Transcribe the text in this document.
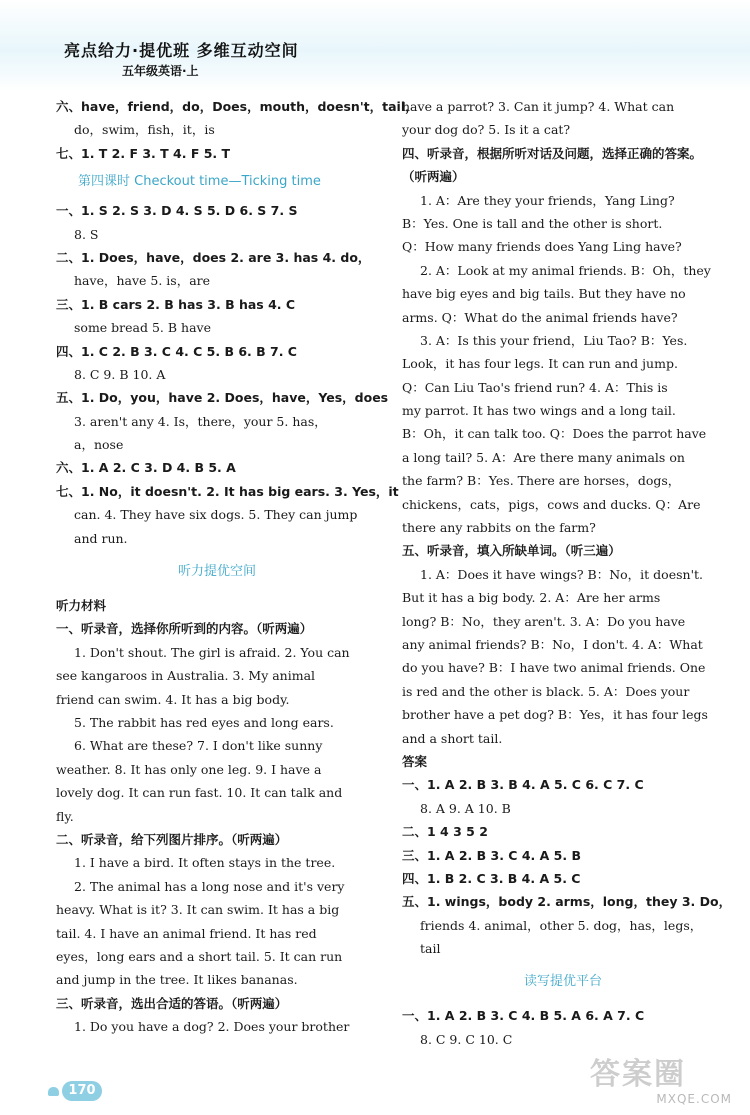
亮点给力·提优班 多维互动空间
五年级英语·上
六、have，friend，do，Does，mouth，doesn't，tail，
do，swim，fish，it，is
七、1. T 2. F 3. T 4. F 5. T
第四课时 Checkout time—Ticking time
一、1. S 2. S 3. D 4. S 5. D 6. S 7. S
8. S
二、1. Does，have，does 2. are 3. has 4. do，
have，have 5. is，are
三、1. B cars 2. B has 3. B has 4. C
some bread 5. B have
四、1. C 2. B 3. C 4. C 5. B 6. B 7. C
8. C 9. B 10. A
五、1. Do，you，have 2. Does，have，Yes，does
3. aren't any 4. Is，there，your 5. has，
a，nose
六、1. A 2. C 3. D 4. B 5. A
七、1. No，it doesn't. 2. It has big ears. 3. Yes，it
can. 4. They have six dogs. 5. They can jump
and run.
听力提优空间
听力材料
一、听录音，选择你所听到的内容。（听两遍）
1. Don't shout. The girl is afraid. 2. You can
see kangaroos in Australia. 3. My animal
friend can swim. 4. It has a big body.
5. The rabbit has red eyes and long ears.
6. What are these? 7. I don't like sunny
weather. 8. It has only one leg. 9. I have a
lovely dog. It can run fast. 10. It can talk and
fly.
二、听录音，给下列图片排序。（听两遍）
1. I have a bird. It often stays in the tree.
2. The animal has a long nose and it's very
heavy. What is it? 3. It can swim. It has a big
tail. 4. I have an animal friend. It has red
eyes，long ears and a short tail. 5. It can run
and jump in the tree. It likes bananas.
三、听录音，选出合适的答语。（听两遍）
1. Do you have a dog? 2. Does your brother
have a parrot? 3. Can it jump? 4. What can
your dog do? 5. Is it a cat?
四、听录音，根据所听对话及问题，选择正确的答案。
（听两遍）
1. A：Are they your friends，Yang Ling?
B：Yes. One is tall and the other is short.
Q：How many friends does Yang Ling have?
2. A：Look at my animal friends. B：Oh，they
have big eyes and big tails. But they have no
arms. Q：What do the animal friends have?
3. A：Is this your friend，Liu Tao? B：Yes.
Look，it has four legs. It can run and jump.
Q：Can Liu Tao's friend run? 4. A：This is
my parrot. It has two wings and a long tail.
B：Oh，it can talk too. Q：Does the parrot have
a long tail? 5. A：Are there many animals on
the farm? B：Yes. There are horses，dogs，
chickens，cats，pigs，cows and ducks. Q：Are
there any rabbits on the farm?
五、听录音，填入所缺单词。（听三遍）
1. A：Does it have wings? B：No，it doesn't.
But it has a big body. 2. A：Are her arms
long? B：No，they aren't. 3. A：Do you have
any animal friends? B：No，I don't. 4. A：What
do you have? B：I have two animal friends. One
is red and the other is black. 5. A：Does your
brother have a pet dog? B：Yes，it has four legs
and a short tail.
答案
一、1. A 2. B 3. B 4. A 5. C 6. C 7. C
8. A 9. A 10. B
二、1 4 3 5 2
三、1. A 2. B 3. C 4. A 5. B
四、1. B 2. C 3. B 4. A 5. C
五、1. wings，body 2. arms，long，they 3. Do，
friends 4. animal，other 5. dog，has，legs，
tail
读写提优平台
一、1. A 2. B 3. C 4. B 5. A 6. A 7. C
8. C 9. C 10. C
170	答案圈
MXQE.COM
